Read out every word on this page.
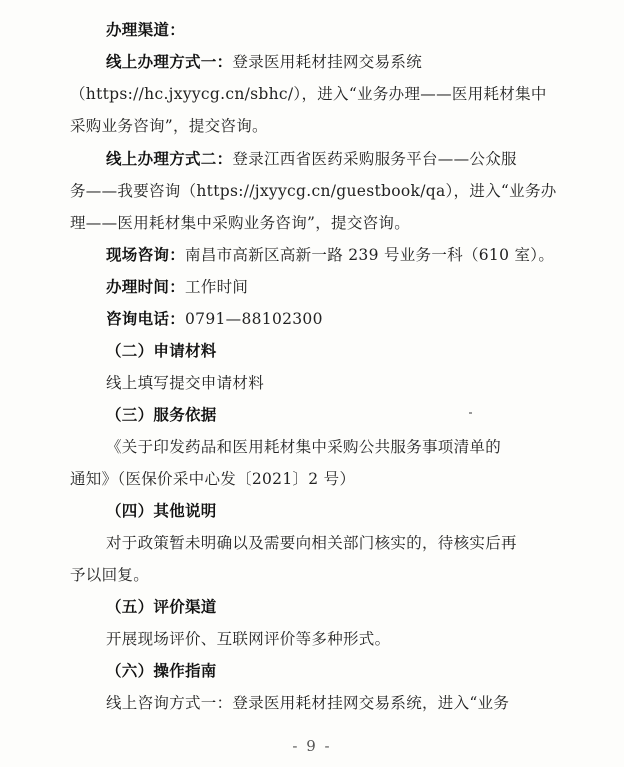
办理渠道：
线上办理方式一：登录医用耗材挂网交易系统
（https://hc.jxyycg.cn/sbhc/），进入“业务办理——医用耗材集中
采购业务咨询”，提交咨询。
线上办理方式二：登录江西省医药采购服务平台——公众服
务——我要咨询（https://jxyycg.cn/guestbook/qa），进入“业务办
理——医用耗材集中采购业务咨询”，提交咨询。
现场咨询：南昌市高新区高新一路 239 号业务一科（610 室）。
办理时间：工作时间
咨询电话：0791—88102300
（二）申请材料
线上填写提交申请材料
（三）服务依据
《关于印发药品和医用耗材集中采购公共服务事项清单的
通知》（医保价采中心发〔2021〕2 号）
（四）其他说明
对于政策暂未明确以及需要向相关部门核实的，待核实后再
予以回复。
（五）评价渠道
开展现场评价、互联网评价等多种形式。
（六）操作指南
线上咨询方式一：登录医用耗材挂网交易系统，进入“业务
- 9 -
